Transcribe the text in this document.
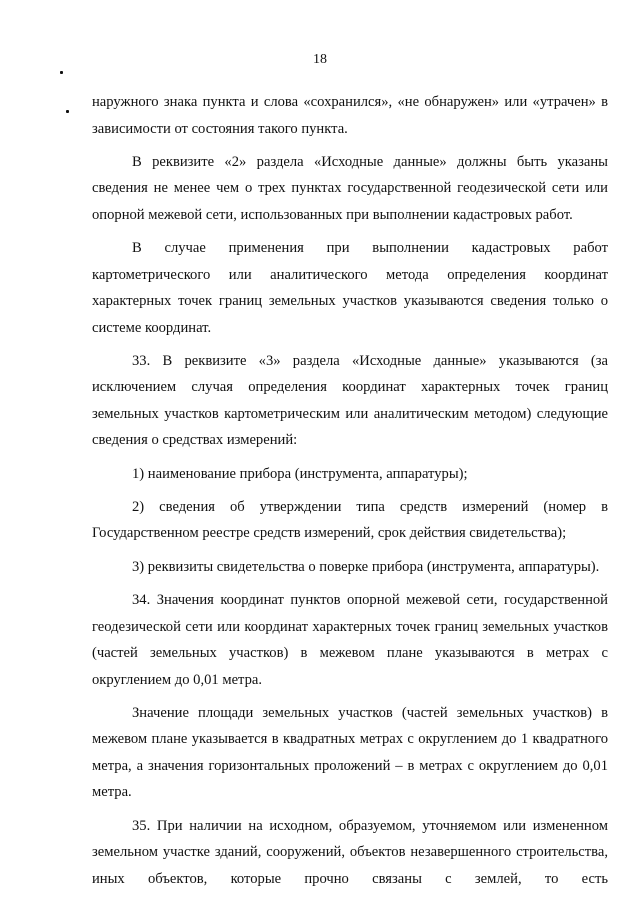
18

наружного знака пункта и слова «сохранился», «не обнаружен» или «утрачен» в зависимости от состояния такого пункта.

В реквизите «2» раздела «Исходные данные» должны быть указаны сведения не менее чем о трех пунктах государственной геодезической сети или опорной межевой сети, использованных при выполнении кадастровых работ.

В случае применения при выполнении кадастровых работ картометрического или аналитического метода определения координат характерных точек границ земельных участков указываются сведения только о системе координат.

33. В реквизите «3» раздела «Исходные данные» указываются (за исключением случая определения координат характерных точек границ земельных участков картометрическим или аналитическим методом) следующие сведения о средствах измерений:

1) наименование прибора (инструмента, аппаратуры);

2) сведения об утверждении типа средств измерений (номер в Государственном реестре средств измерений, срок действия свидетельства);

3) реквизиты свидетельства о поверке прибора (инструмента, аппаратуры).

34. Значения координат пунктов опорной межевой сети, государственной геодезической сети или координат характерных точек границ земельных участков (частей земельных участков) в межевом плане указываются в метрах с округлением до 0,01 метра.

Значение площади земельных участков (частей земельных участков) в межевом плане указывается в квадратных метрах с округлением до 1 квадратного метра, а значения горизонтальных проложений – в метрах с округлением до 0,01 метра.

35. При наличии на исходном, образуемом, уточняемом или измененном земельном участке зданий, сооружений, объектов незавершенного строительства, иных объектов, которые прочно связаны с землей, то есть
